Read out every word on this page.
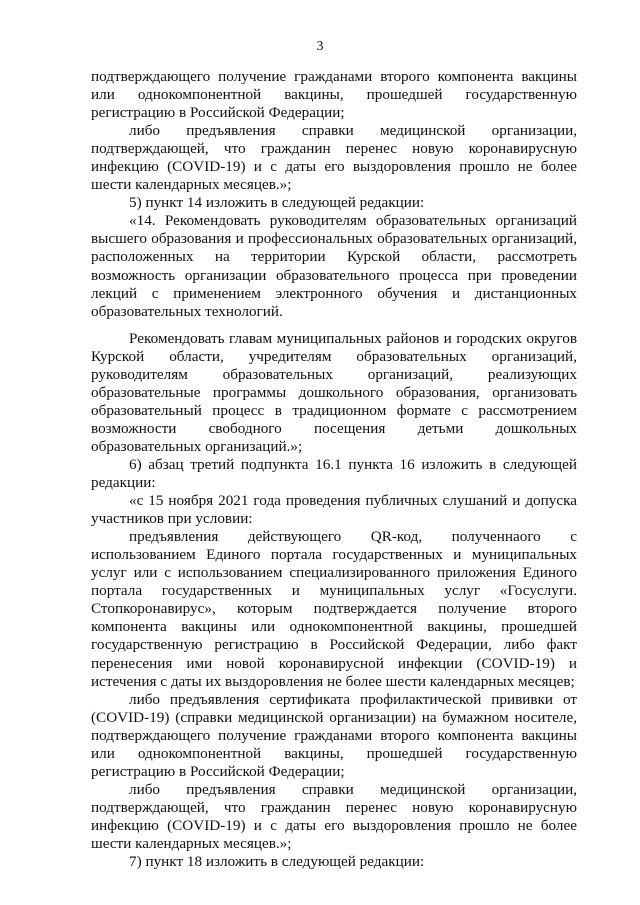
3

подтверждающего получение гражданами второго компонента вакцины или однокомпонентной вакцины, прошедшей государственную регистрацию в Российской Федерации;

либо предъявления справки медицинской организации, подтверждающей, что гражданин перенес новую коронавирусную инфекцию (COVID-19) и с даты его выздоровления прошло не более шести календарных месяцев.»;

5) пункт 14 изложить в следующей редакции:

«14. Рекомендовать руководителям образовательных организаций высшего образования и профессиональных образовательных организаций, расположенных на территории Курской области, рассмотреть возможность организации образовательного процесса при проведении лекций с применением электронного обучения и дистанционных образовательных технологий.

Рекомендовать главам муниципальных районов и городских округов Курской области, учредителям образовательных организаций, руководителям образовательных организаций, реализующих образовательные программы дошкольного образования, организовать образовательный процесс в традиционном формате с рассмотрением возможности свободного посещения детьми дошкольных образовательных организаций.»;

6) абзац третий подпункта 16.1 пункта 16 изложить в следующей редакции:

«с 15 ноября 2021 года проведения публичных слушаний и допуска участников при условии:

предъявления действующего QR-код, полученнаого с использованием Единого портала государственных и муниципальных услуг или с использованием специализированного приложения Единого портала государственных и муниципальных услуг «Госуслуги. Стопкоронавирус», которым подтверждается получение второго компонента вакцины или однокомпонентной вакцины, прошедшей государственную регистрацию в Российской Федерации, либо факт перенесения ими новой коронавирусной инфекции (COVID-19) и истечения с даты их выздоровления не более шести календарных месяцев;

либо предъявления сертификата профилактической прививки от (COVID-19) (справки медицинской организации) на бумажном носителе, подтверждающего получение гражданами второго компонента вакцины или однокомпонентной вакцины, прошедшей государственную регистрацию в Российской Федерации;

либо предъявления справки медицинской организации, подтверждающей, что гражданин перенес новую коронавирусную инфекцию (COVID-19) и с даты его выздоровления прошло не более шести календарных месяцев.»;

7) пункт 18 изложить в следующей редакции:
